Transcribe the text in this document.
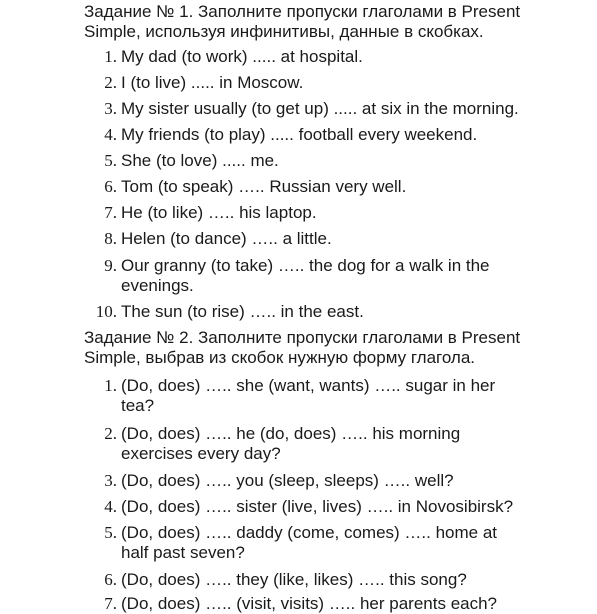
Задание № 1. Заполните пропуски глаголами в Present
Simple, используя инфинитивы, данные в скобках.
1. My dad (to work) ..... at hospital.
2. I (to live) ..... in Moscow.
3. My sister usually (to get up) ..... at six in the morning.
4. My friends (to play) ..... football every weekend.
5. She (to love) ..... me.
6. Tom (to speak) ….. Russian very well.
7. He (to like) ….. his laptop.
8. Helen (to dance) ….. a little.
9. Our granny (to take) ….. the dog for a walk in the
evenings.
10. The sun (to rise) ….. in the east.
Задание № 2. Заполните пропуски глаголами в Present
Simple, выбрав из скобок нужную форму глагола.
1. (Do, does) ….. she (want, wants) ….. sugar in her
tea?
2. (Do, does) ….. he (do, does) ….. his morning
exercises every day?
3. (Do, does) ….. you (sleep, sleeps) ….. well?
4. (Do, does) ….. sister (live, lives) ….. in Novosibirsk?
5. (Do, does) ….. daddy (come, comes) ….. home at
half past seven?
6. (Do, does) ….. they (like, likes) ….. this song?
7. (Do, does) ….. (visit, visits) ….. her parents each?
